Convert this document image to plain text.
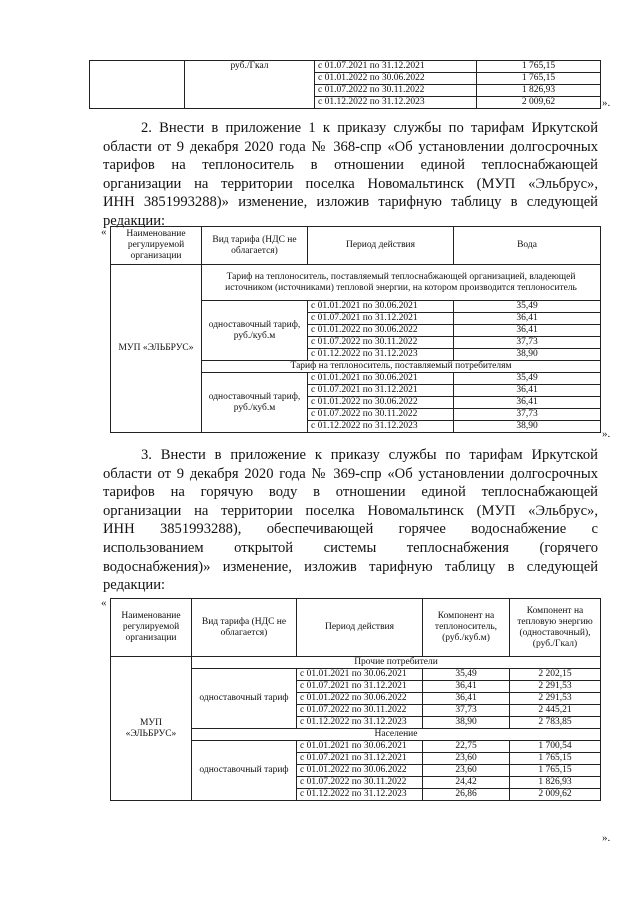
	руб./Гкал	с 01.07.2021 по 31.12.2021	1 765,15
		с 01.01.2022 по 30.06.2022	1 765,15
		с 01.07.2022 по 30.11.2022	1 826,93
		с 01.12.2022 по 31.12.2023	2 009,62	».
2. Внести в приложение 1 к приказу службы по тарифам Иркутской
области от 9 декабря 2020 года № 368-спр «Об установлении долгосрочных
тарифов на теплоноситель в отношении единой теплоснабжающей
организации на территории поселка Новомальтинск (МУП «Эльбрус»,
ИНН 3851993288)» изменение, изложив тарифную таблицу в следующей
редакции:
« Наименование регулируемой организации	Вид тарифа (НДС не облагается)	Период действия	Вода
МУП «ЭЛЬБРУС»	Тариф на теплоноситель, поставляемый теплоснабжающей организацией, владеющей источником (источниками) тепловой энергии, на котором производится теплоноситель		
	одноставочный тариф, руб./куб.м	с 01.01.2021 по 30.06.2021	35,49
		с 01.07.2021 по 31.12.2021	36,41
		с 01.01.2022 по 30.06.2022	36,41
		с 01.07.2022 по 30.11.2022	37,73
		с 01.12.2022 по 31.12.2023	38,90
	Тариф на теплоноситель, поставляемый потребителям		
	одноставочный тариф, руб./куб.м	с 01.01.2021 по 30.06.2021	35,49
		с 01.07.2021 по 31.12.2021	36,41
		с 01.01.2022 по 30.06.2022	36,41
		с 01.07.2022 по 30.11.2022	37,73
		с 01.12.2022 по 31.12.2023	38,90
».
3. Внести в приложение к приказу службы по тарифам Иркутской
области от 9 декабря 2020 года № 369-спр «Об установлении долгосрочных
тарифов на горячую воду в отношении единой теплоснабжающей
организации на территории поселка Новомальтинск (МУП «Эльбрус»,
ИНН 3851993288), обеспечивающей горячее водоснабжение с
использованием открытой системы теплоснабжения (горячего
водоснабжения)» изменение, изложив тарифную таблицу в следующей
редакции:
«
Наименование регулируемой организации	Вид тарифа (НДС не облагается)	Период действия	Компонент на теплоноситель, (руб./куб.м)	Компонент на тепловую энергию (одноставочный), (руб./Гкал)
МУП «ЭЛЬБРУС»	Прочие потребители			
	одноставочный тариф	с 01.01.2021 по 30.06.2021	35,49	2 202,15
		с 01.07.2021 по 31.12.2021	36,41	2 291,53
		с 01.01.2022 по 30.06.2022	36,41	2 291,53
		с 01.07.2022 по 30.11.2022	37,73	2 445,21
		с 01.12.2022 по 31.12.2023	38,90	2 783,85
	Население			
	одноставочный тариф	с 01.01.2021 по 30.06.2021	22,75	1 700,54
		с 01.07.2021 по 31.12.2021	23,60	1 765,15
		с 01.01.2022 по 30.06.2022	23,60	1 765,15
		с 01.07.2022 по 30.11.2022	24,42	1 826,93
		с 01.12.2022 по 31.12.2023	26,86	2 009,62
».
